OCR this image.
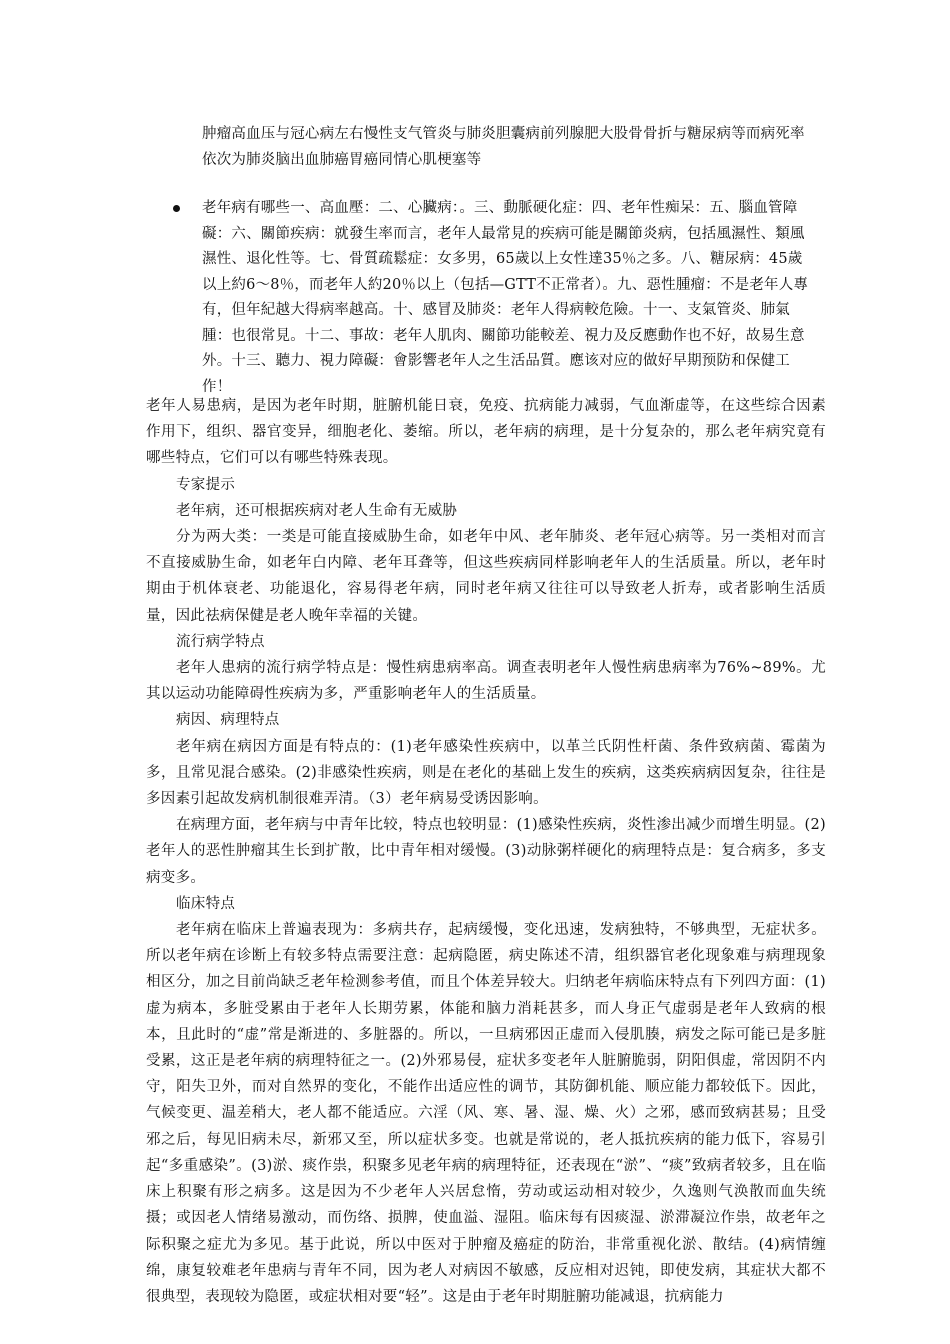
肿瘤高血压与冠心病左右慢性支气管炎与肺炎胆囊病前列腺肥大股骨骨折与糖尿病等而病死率依次为肺炎脑出血肺癌胃癌同情心肌梗塞等
老年病有哪些一、高血壓：二、心臟病：。三、動脈硬化症：四、老年性痴呆：五、腦血管障礙：六、關節疾病：就發生率而言，老年人最常見的疾病可能是關節炎病，包括風濕性、類風濕性、退化性等。七、骨質疏鬆症：女多男，65歲以上女性達35％之多。八、糖尿病：45歲以上約6～8％，而老年人約20％以上（包括—GTT不正常者）。九、惡性腫瘤：不是老年人專有，但年紀越大得病率越高。十、感冒及肺炎：老年人得病較危險。十一、支氣管炎、肺氣腫：也很常見。十二、事故：老年人肌肉、關節功能較差、視力及反應動作也不好，故易生意外。十三、聽力、視力障礙：會影響老年人之生活品質。應该对应的做好早期预防和保健工作！

老年人易患病，是因为老年时期，脏腑机能日衰，免疫、抗病能力减弱，气血渐虚等，在这些综合因素作用下，组织、器官变异，细胞老化、萎缩。所以，老年病的病理，是十分复杂的，那么老年病究竟有哪些特点，它们可以有哪些特殊表现。

专家提示

老年病，还可根据疾病对老人生命有无威胁

分为两大类：一类是可能直接威胁生命，如老年中风、老年肺炎、老年冠心病等。另一类相对而言不直接威胁生命，如老年白内障、老年耳聋等，但这些疾病同样影响老年人的生活质量。所以，老年时期由于机体衰老、功能退化，容易得老年病，同时老年病又往往可以导致老人折寿，或者影响生活质量，因此祛病保健是老人晚年幸福的关键。

流行病学特点

老年人患病的流行病学特点是：慢性病患病率高。调查表明老年人慢性病患病率为76%~89%。尤其以运动功能障碍性疾病为多，严重影响老年人的生活质量。

病因、病理特点

老年病在病因方面是有特点的：(1)老年感染性疾病中，以革兰氏阴性杆菌、条件致病菌、霉菌为多，且常见混合感染。(2)非感染性疾病，则是在老化的基础上发生的疾病，这类疾病病因复杂，往往是多因素引起故发病机制很难弄清。（3）老年病易受诱因影响。

在病理方面，老年病与中青年比较，特点也较明显：(1)感染性疾病，炎性渗出减少而增生明显。(2)老年人的恶性肿瘤其生长到扩散，比中青年相对缓慢。(3)动脉粥样硬化的病理特点是：复合病多，多支病变多。

临床特点

老年病在临床上普遍表现为：多病共存，起病缓慢，变化迅速，发病独特，不够典型，无症状多。所以老年病在诊断上有较多特点需要注意：起病隐匿，病史陈述不清，组织器官老化现象难与病理现象相区分，加之目前尚缺乏老年检测参考值，而且个体差异较大。归纳老年病临床特点有下列四方面：(1)虚为病本，多脏受累由于老年人长期劳累，体能和脑力消耗甚多，而人身正气虚弱是老年人致病的根本，且此时的“虚”常是渐进的、多脏器的。所以，一旦病邪因正虚而入侵肌腠，病发之际可能已是多脏受累，这正是老年病的病理特征之一。(2)外邪易侵，症状多变老年人脏腑脆弱，阴阳俱虚，常因阴不内守，阳失卫外，而对自然界的变化，不能作出适应性的调节，其防御机能、顺应能力都较低下。因此，气候变更、温差稍大，老人都不能适应。六淫（风、寒、暑、湿、燥、火）之邪，感而致病甚易；且受邪之后，每见旧病未尽，新邪又至，所以症状多变。也就是常说的，老人抵抗疾病的能力低下，容易引起“多重感染”。(3)淤、痰作祟，积聚多见老年病的病理特征，还表现在“淤”、“痰”致病者较多，且在临床上积聚有形之病多。这是因为不少老年人兴居怠惰，劳动或运动相对较少，久逸则气涣散而血失统摄；或因老人情绪易激动，而伤络、损脾，使血溢、湿阻。临床每有因痰湿、淤滞凝泣作祟，故老年之际积聚之症尤为多见。基于此说，所以中医对于肿瘤及癌症的防治，非常重视化淤、散结。(4)病情缠绵，康复较难老年患病与青年不同，因为老人对病因不敏感，反应相对迟钝，即使发病，其症状大都不很典型，表现较为隐匿，或症状相对要“轻”。这是由于老年时期脏腑功能减退，抗病能力
